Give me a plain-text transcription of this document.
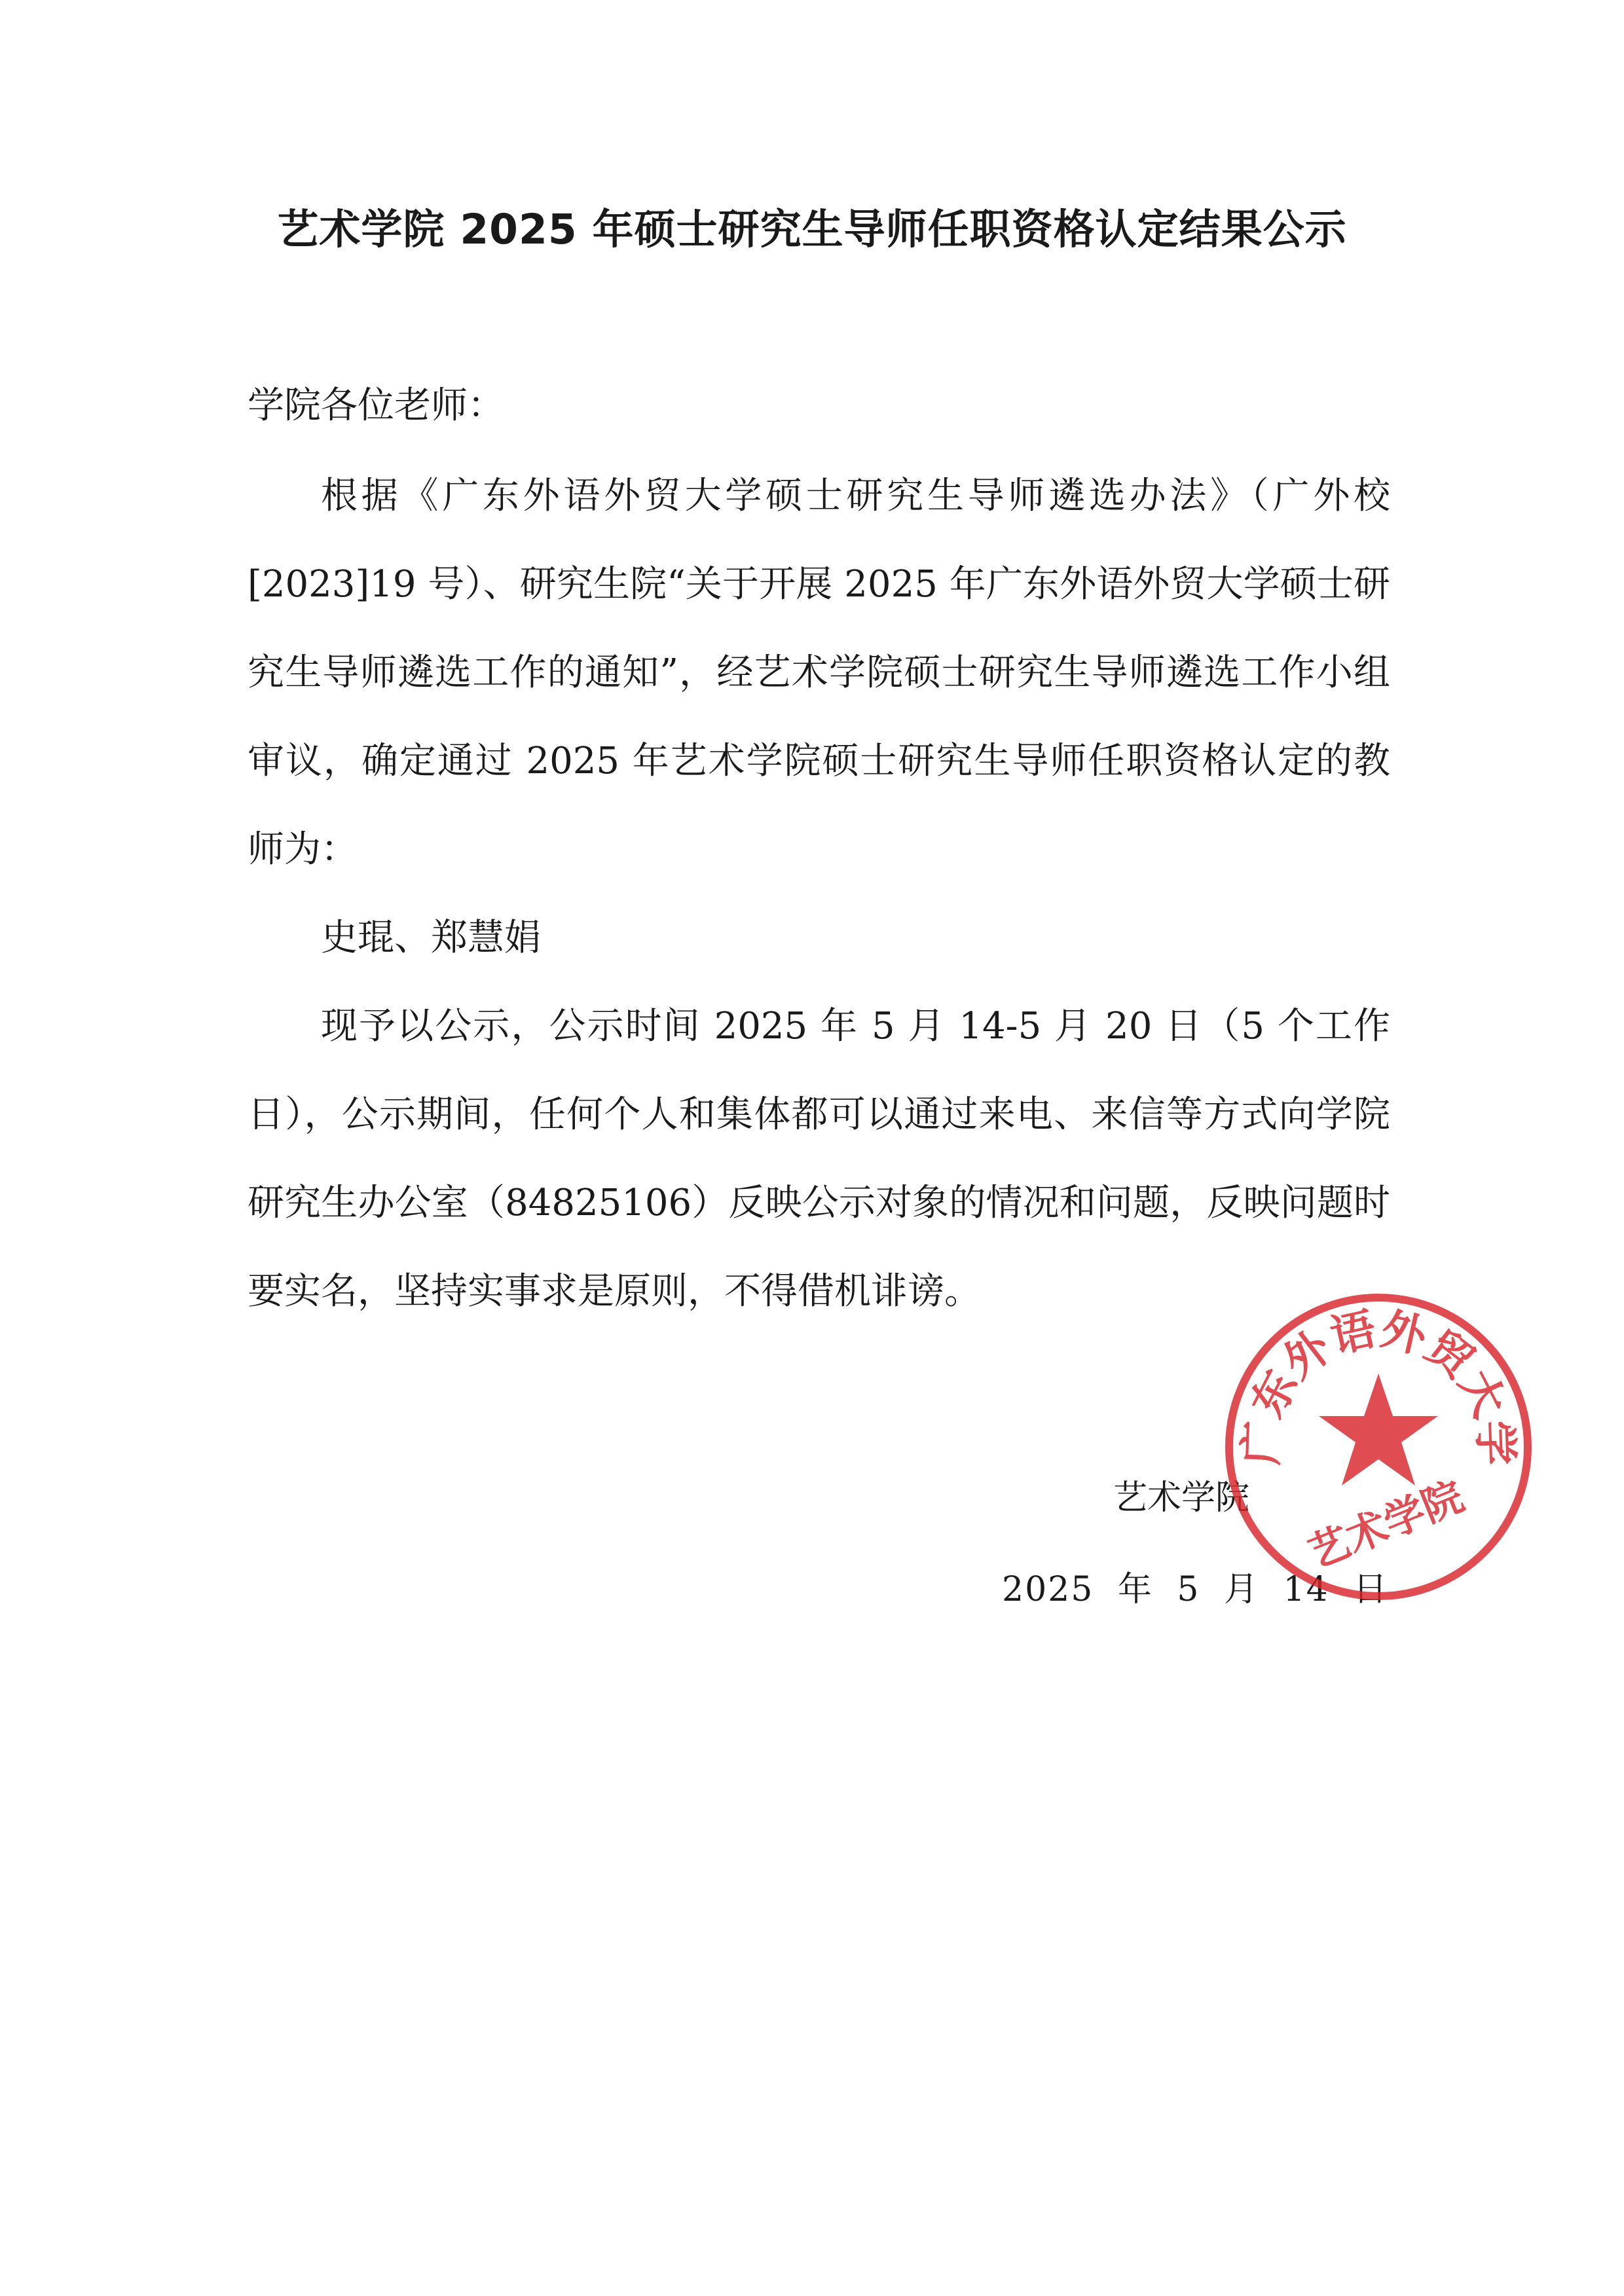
艺术学院 2025 年硕士研究生导师任职资格认定结果公示
学院各位老师：

根据《广东外语外贸大学硕士研究生导师遴选办法》（广外校[2023]19 号）、研究生院“关于开展 2025 年广东外语外贸大学硕士研究生导师遴选工作的通知”，经艺术学院硕士研究生导师遴选工作小组审议，确定通过 2025 年艺术学院硕士研究生导师任职资格认定的教师为：

史琨、郑慧娟

现予以公示，公示时间 2025 年 5 月 14-5 月 20 日（5 个工作日），公示期间，任何个人和集体都可以通过来电、来信等方式向学院研究生办公室（84825106）反映公示对象的情况和问题，反映问题时要实名，坚持实事求是原则，不得借机诽谤。

艺术学院
2025 年 5 月 14 日
广东外语外贸大学
艺术学院
